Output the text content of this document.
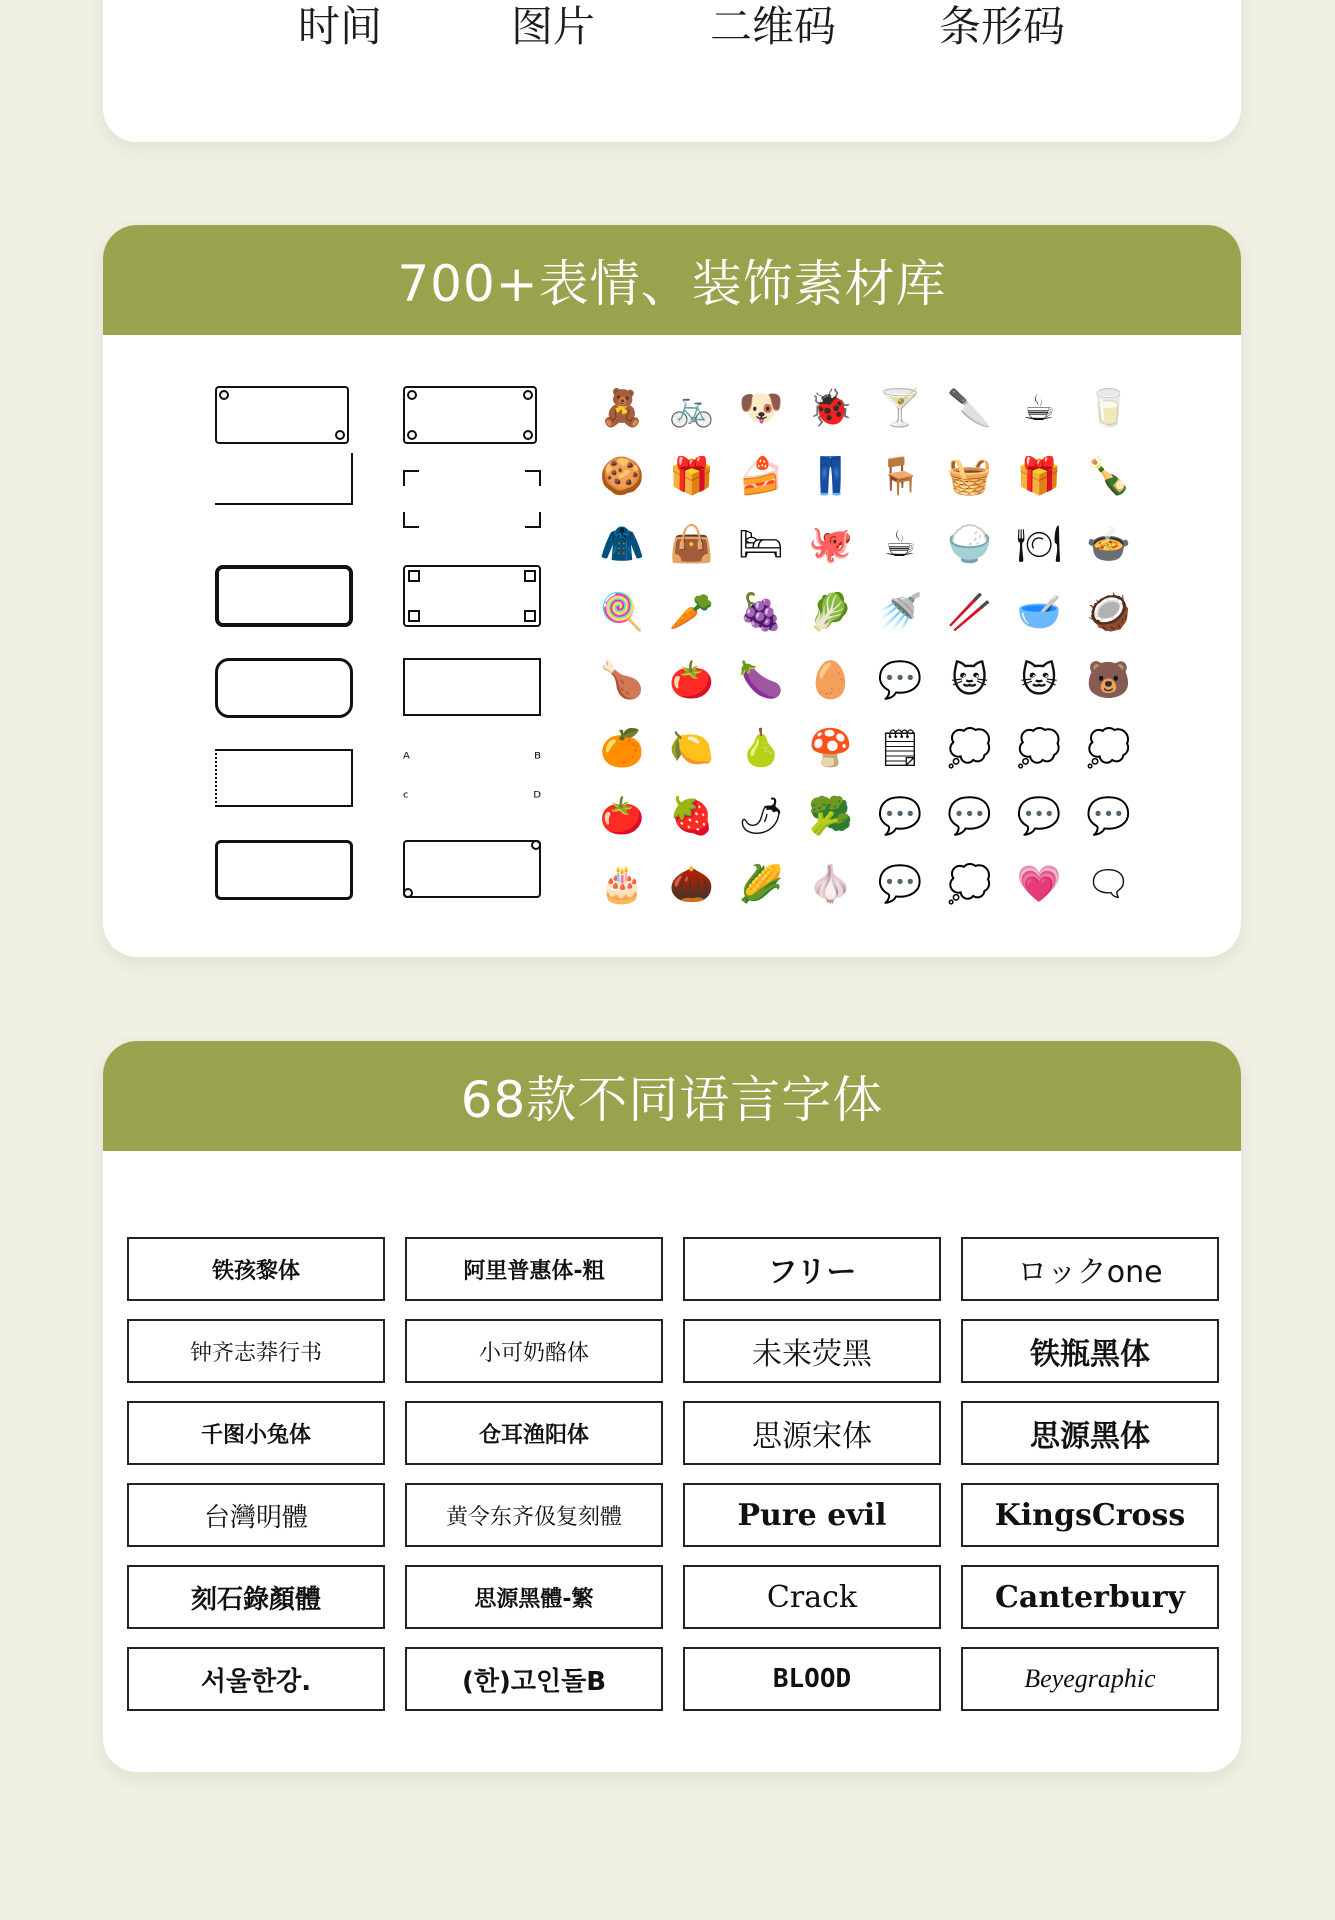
时间	图片	二维码 条形码
700+表情、装饰素材库
ᴬ	ᴮ
ᶜ	ᴰ
🧸 🚲 🐶 🐞 🍸 🔪 ☕ 🥛
🍪 🎁 🍰 👖 🪑 🧺 🎁 🍾
🧥 👜 🛏 🐙 ☕ 🍚 🍽 🍲
🍭 🥕 🍇 🥬 🚿 🥢 🥣 🥥
🍗 🍅 🍆 🥚 💬 🐱 🐱 🐻
🍊 🍋 🍐 🍄 🗒 💭 💭 💭
🍅 🍓 🌶 🥦 💬 💬 💬 💬
🎂 🌰 🌽 🧄 💬 💭 💗 🗨
68款不同语言字体
铁孩黎体	阿里普惠体-粗	フリー	ロックone
钟齐志莽行书	小可奶酪体	未来荧黑	铁瓶黑体
千图小兔体	仓耳渔阳体	思源宋体	思源黑体
台灣明體	黄令东齐伋复刻體	Pure evil	KingsCross
刻石錄顏體	思源黑體-繁	Crack	Canterbury
서울한강.	(한)고인돌B	BLOOD	Beyegraphic
